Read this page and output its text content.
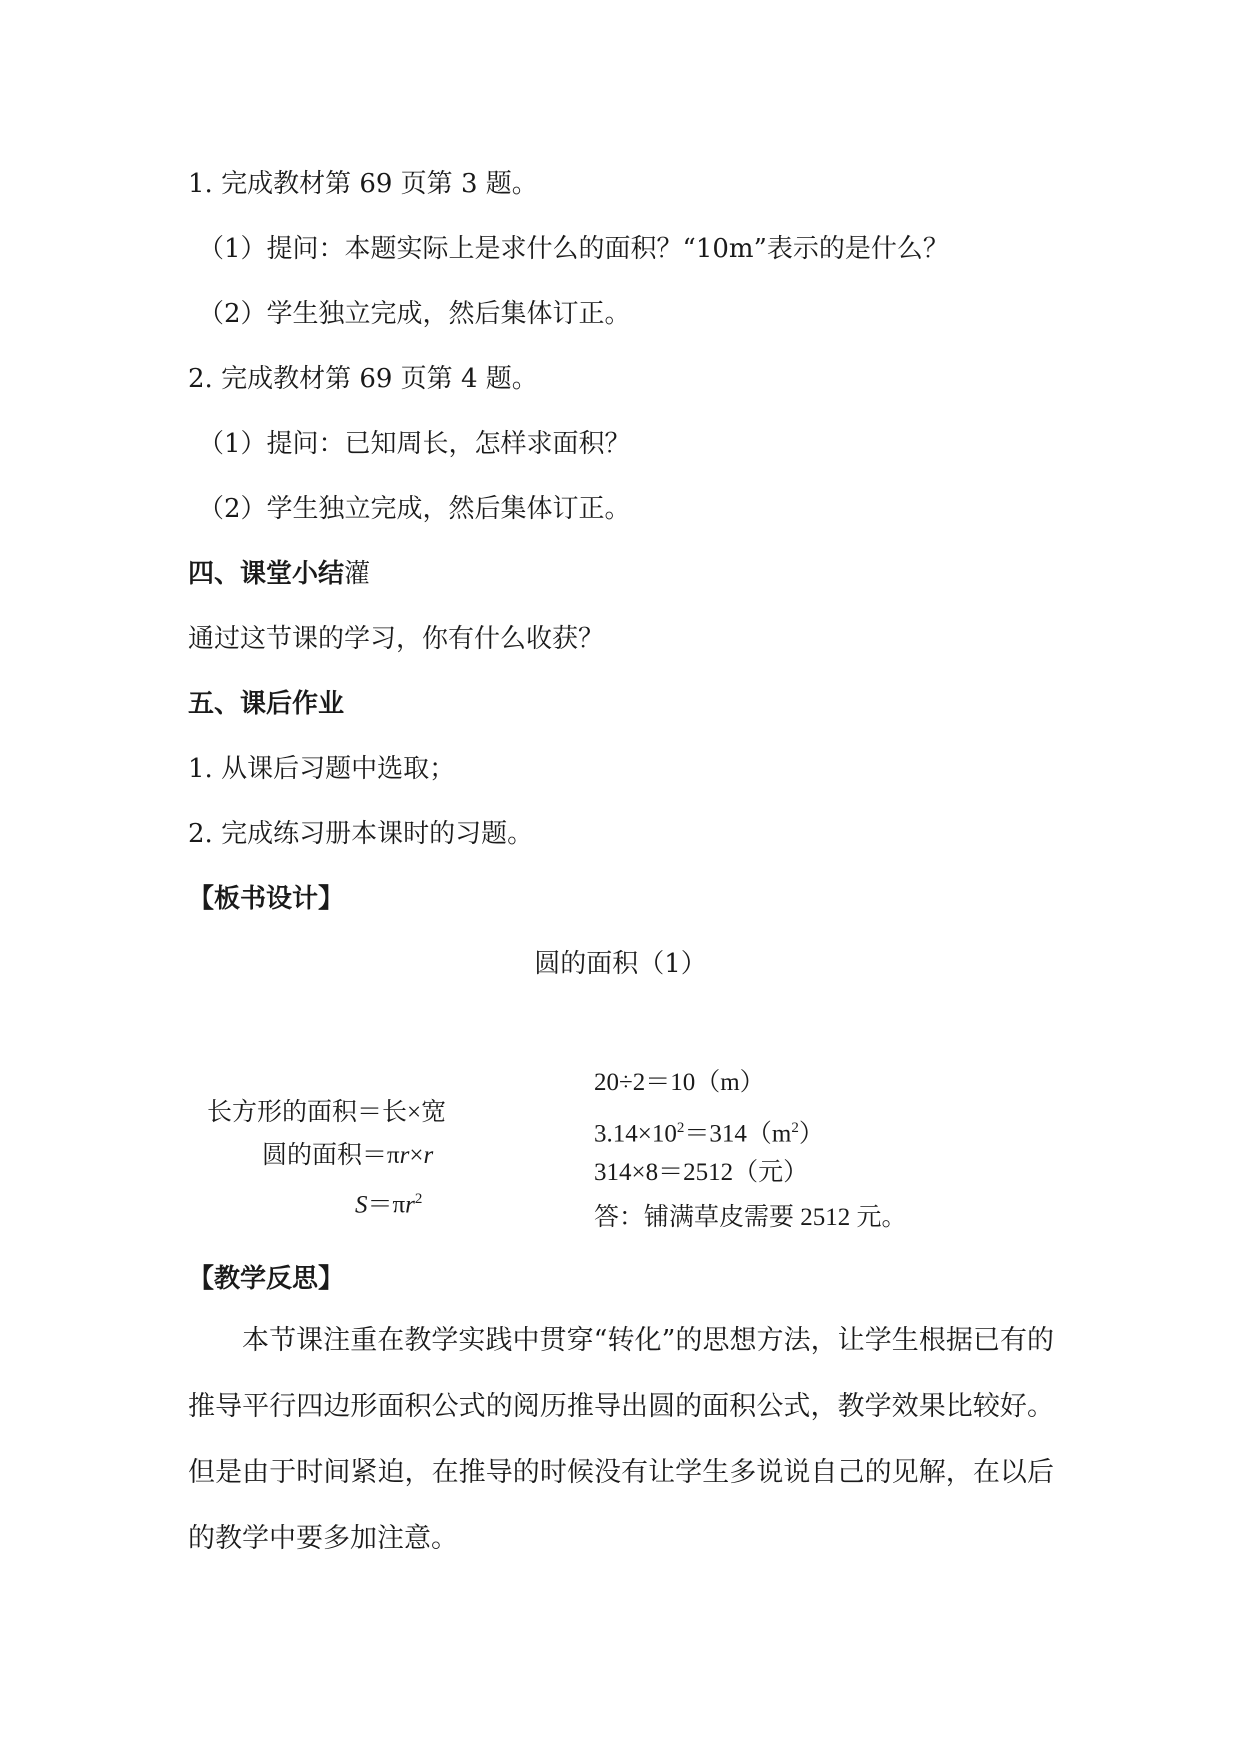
1. 完成教材第 69 页第 3 题。
（1）提问：本题实际上是求什么的面积？“10m”表示的是什么？
（2）学生独立完成，然后集体订正。
2. 完成教材第 69 页第 4 题。
（1）提问：已知周长，怎样求面积？
（2）学生独立完成，然后集体订正。
四、课堂小结灌
通过这节课的学习，你有什么收获？
五、课后作业
1. 从课后习题中选取；
2. 完成练习册本课时的习题。
【板书设计】
圆的面积（1）
长方形的面积＝长×宽
圆的面积＝πr×r
$S=\pi r^2$
20÷2＝10（m）
$3.14\times 10^2=314(m^2)$
314×8＝2512（元）
答：铺满草皮需要 2512 元。
【教学反思】
本节课注重在教学实践中贯穿“转化”的思想方法，让学生根据已有的推导平行四边形面积公式的阅历推导出圆的面积公式，教学效果比较好。但是由于时间紧迫，在推导的时候没有让学生多说说自己的见解，在以后的教学中要多加注意。
